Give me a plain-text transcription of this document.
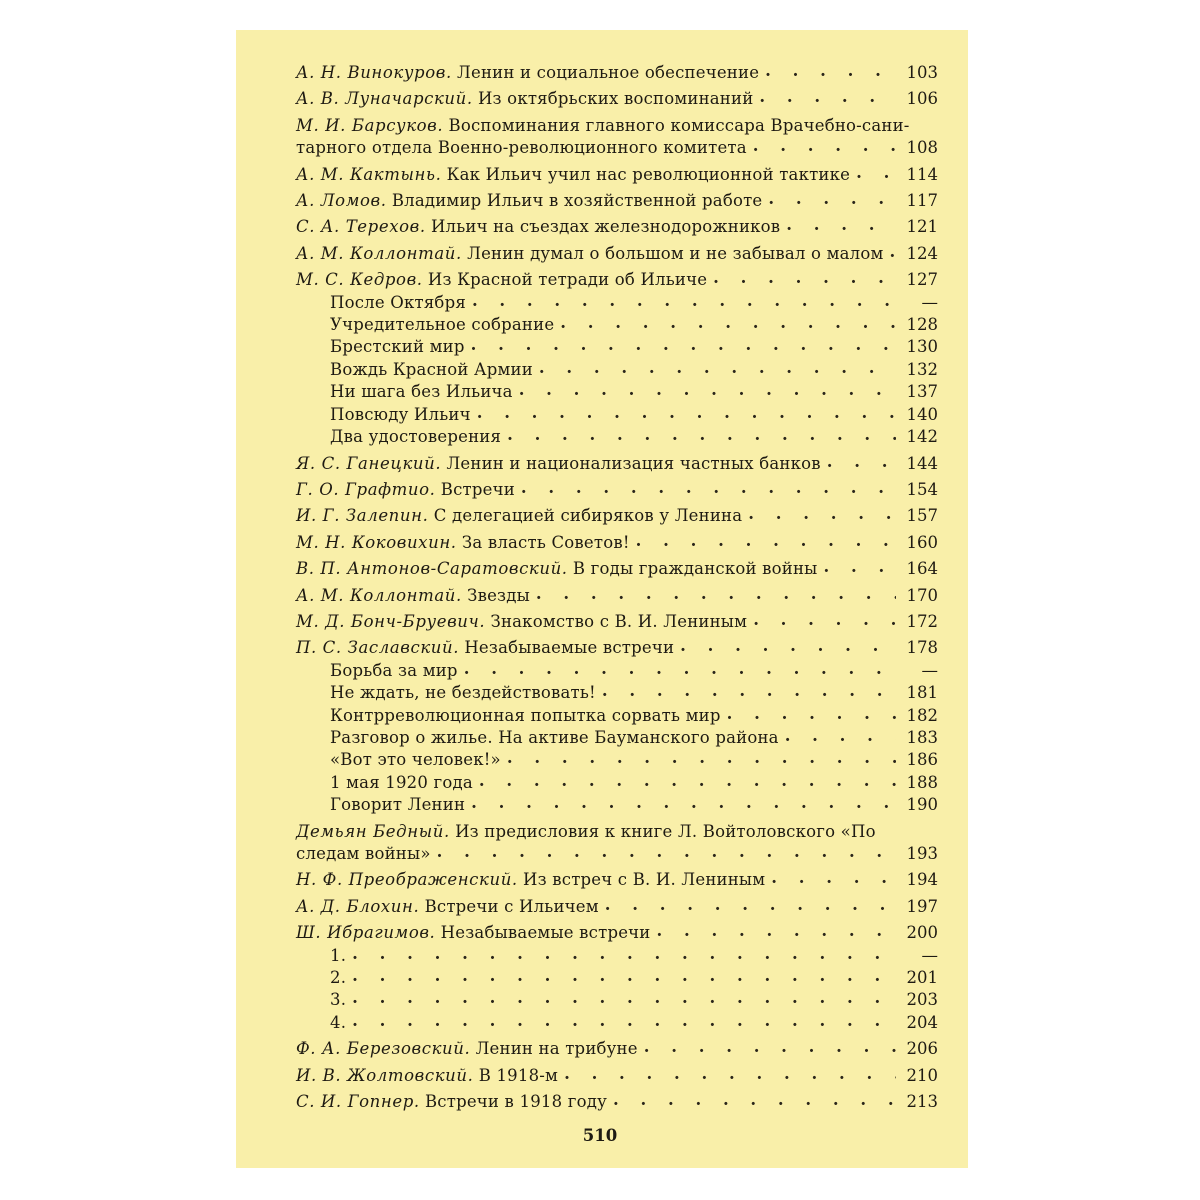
А. Н. Винокуров. Ленин и социальное обеспечение . . .	103
А. В. Луначарский. Из октябрьских воспоминаний . . .	106
М. И. Барсуков. Воспоминания главного комиссара Врачебно-сани-
тарного отдела Военно-революционного комитета . . .	108
А. М. Кактынь. Как Ильич учил нас революционной тактике . . .	114
А. Ломов. Владимир Ильич в хозяйственной работе . . .	117
С. А. Терехов. Ильич на съездах железнодорожников . . .	121
А. М. Коллонтай. Ленин думал о большом и не забывал о малом . . . 124
М. С. Кедров. Из Красной тетради об Ильиче . . .	127
После Октября . . .	—
Учредительное собрание . . .	128
Брестский мир . . .	130
Вождь Красной Армии . . .	132
Ни шага без Ильича . . .	137
Повсюду Ильич . . .	140
Два удостоверения . . .	142
Я. С. Ганецкий. Ленин и национализация частных банков . . .	144
Г. О. Графтио. Встречи . . .	154
И. Г. Залепин. С делегацией сибиряков у Ленина . . .	157
М. Н. Коковихин. За власть Советов! . . .	160
В. П. Антонов-Саратовский. В годы гражданской войны . . .	164
А. М. Коллонтай. Звезды . . .	170
М. Д. Бонч-Бруевич. Знакомство с В. И. Лениным . . .	172
П. С. Заславский. Незабываемые встречи . . .	178
Борьба за мир . . .	—
Не ждать, не бездействовать! . . .	181
Контрреволюционная попытка сорвать мир . . .	182
Разговор о жилье. На активе Бауманского района . . .	183
«Вот это человек!» . . .	186
1 мая 1920 года . . .	188
Говорит Ленин . . .	190
Демьян Бедный. Из предисловия к книге Л. Войтоловского «По
следам войны» . . .	193
Н. Ф. Преображенский. Из встреч с В. И. Лениным . . .	194
А. Д. Блохин. Встречи с Ильичем . . .	197
Ш. Ибрагимов. Незабываемые встречи . . .	200
1. . . .	—
2. . . .	201
3. . . .	203
4. . . .	204
Ф. А. Березовский. Ленин на трибуне . . .	206
И. В. Жолтовский. В 1918-м . . .	210
С. И. Гопнер. Встречи в 1918 году . . .	213
510
